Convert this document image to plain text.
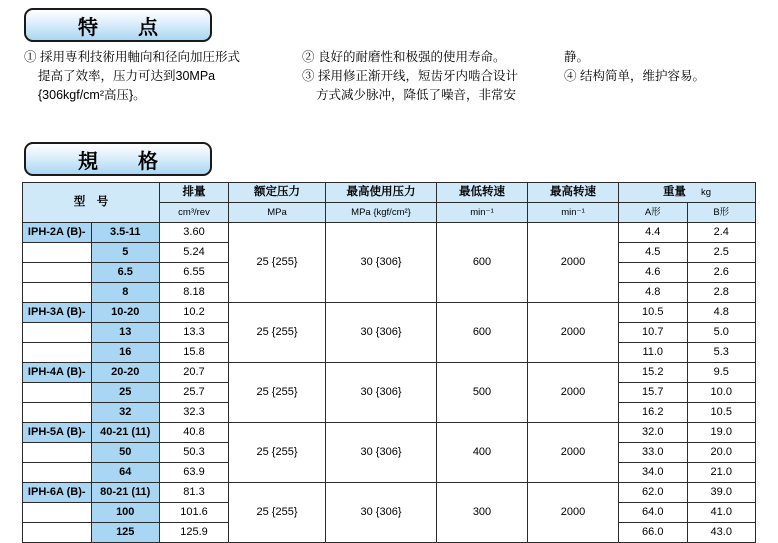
特　点
① 採用専利技術用軸向和径向加圧形式
提高了效率，压力可达到30MPa
{306kgf/cm²高压}。
② 良好的耐磨性和极强的使用寿命。
③ 採用修正渐开线，短齿牙内啮合设计
方式减少脉冲，降低了噪音，非常安
静。
④ 结构简单，维护容易。
規　格
型　号		排量	额定压力	最高使用压力	最低转速	最高转速	重量 kg	

		cm³/rev	MPa	MPa {kgf/cm²}	min⁻¹	min⁻¹	A形	B形

IPH-2A (B)-	3.5-11	3.60	25 {255}	30 {306}	600	2000	4.4	2.4
	5	5.24					4.5	2.5
	6.5	6.55					4.6	2.6
	8	8.18					4.8	2.8
IPH-3A (B)-	10-20	10.2	25 {255}	30 {306}	600	2000	10.5	4.8
	13	13.3					10.7	5.0
	16	15.8					11.0	5.3
IPH-4A (B)-	20-20	20.7	25 {255}	30 {306}	500	2000	15.2	9.5
	25	25.7					15.7	10.0
	32	32.3					16.2	10.5
IPH-5A (B)-	40-21 (11)	40.8	25 {255}	30 {306}	400	2000	32.0	19.0
	50	50.3					33.0	20.0
	64	63.9					34.0	21.0
IPH-6A (B)-	80-21 (11)	81.3	25 {255}	30 {306}	300	2000	62.0	39.0
	100	101.6					64.0	41.0
	125	125.9					66.0	43.0
